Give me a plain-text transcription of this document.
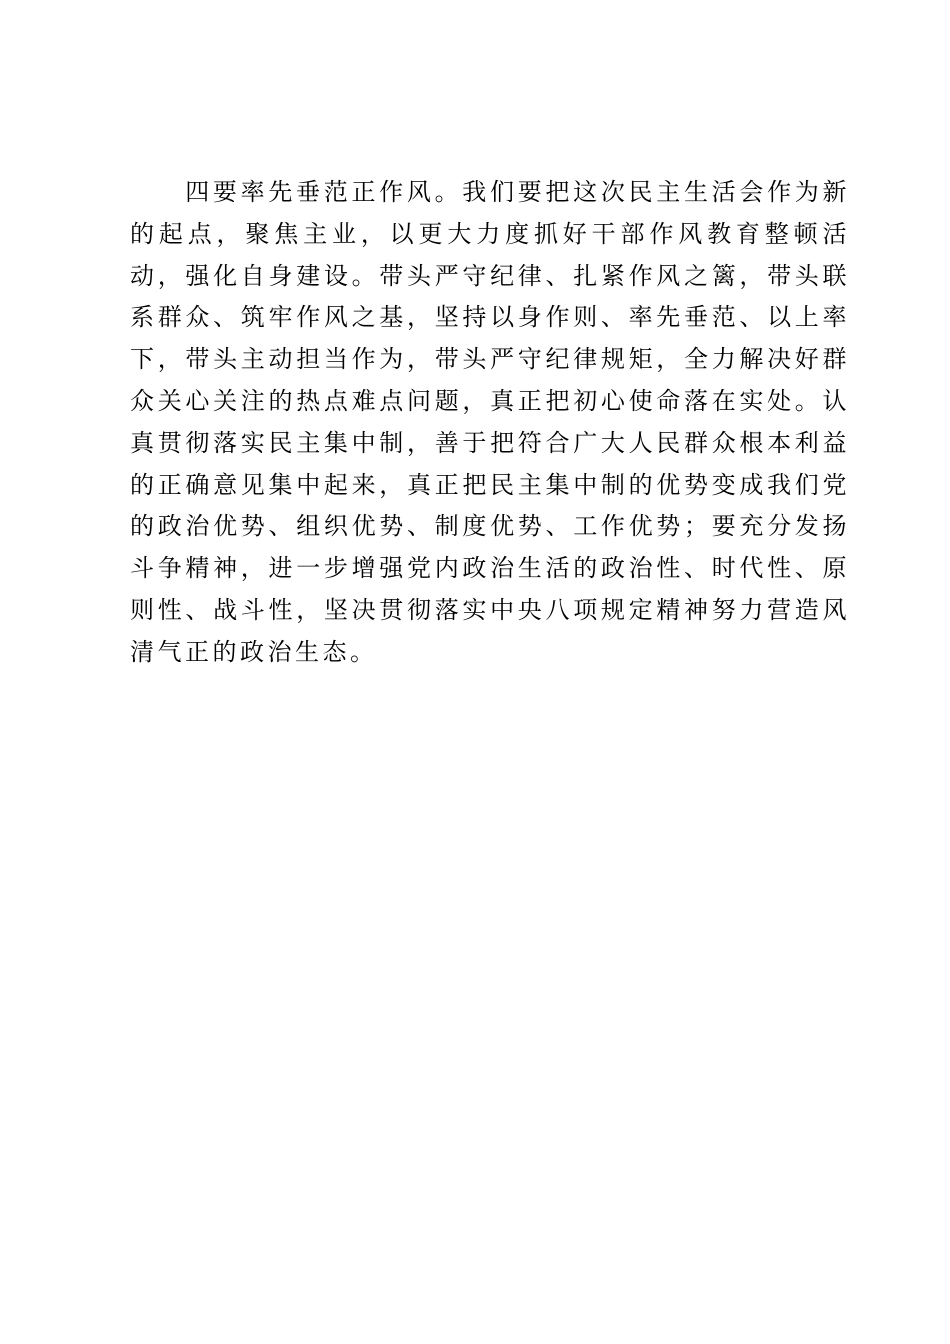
四要率先垂范正作风。我们要把这次民主生活会作为新的起点，聚焦主业，以更大力度抓好干部作风教育整顿活动，强化自身建设。带头严守纪律、扎紧作风之篱，带头联系群众、筑牢作风之基，坚持以身作则、率先垂范、以上率下，带头主动担当作为，带头严守纪律规矩，全力解决好群众关心关注的热点难点问题，真正把初心使命落在实处。认真贯彻落实民主集中制，善于把符合广大人民群众根本利益的正确意见集中起来，真正把民主集中制的优势变成我们党的政治优势、组织优势、制度优势、工作优势；要充分发扬斗争精神，进一步增强党内政治生活的政治性、时代性、原则性、战斗性，坚决贯彻落实中央八项规定精神努力营造风清气正的政治生态。
